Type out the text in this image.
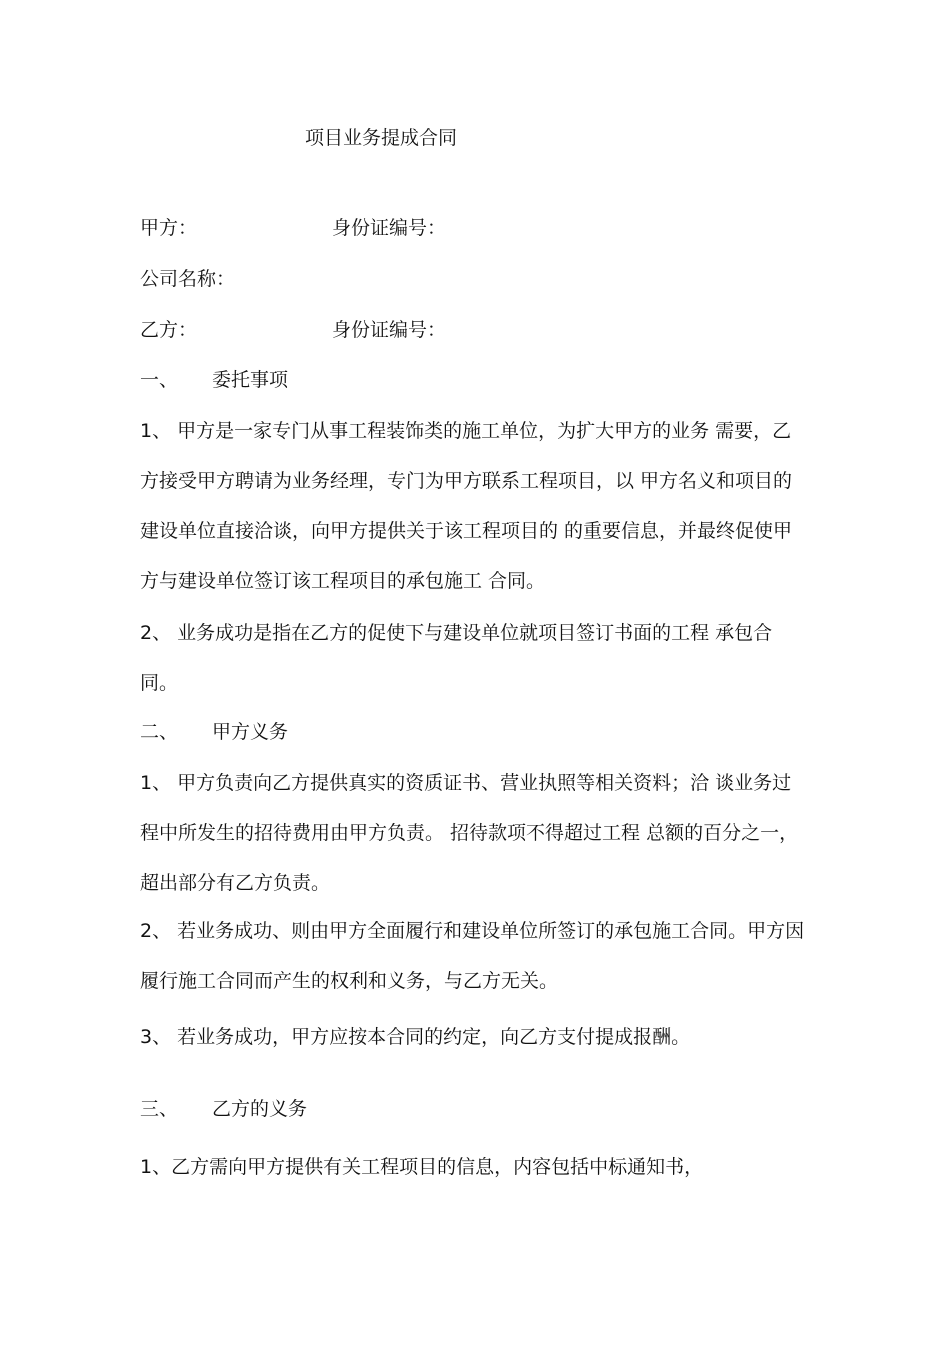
项目业务提成合同
甲方：	身份证编号：
公司名称：
乙方：	身份证编号：
一、 委托事项
1、 甲方是一家专门从事工程装饰类的施工单位，为扩大甲方的业务 需要，乙方接受甲方聘请为业务经理，专门为甲方联系工程项目，以 甲方名义和项目的建设单位直接洽谈，向甲方提供关于该工程项目的 的重要信息，并最终促使甲方与建设单位签订该工程项目的承包施工 合同。
2、 业务成功是指在乙方的促使下与建设单位就项目签订书面的工程 承包合同。
二、 甲方义务
1、 甲方负责向乙方提供真实的资质证书、营业执照等相关资料；洽 谈业务过程中所发生的招待费用由甲方负责。 招待款项不得超过工程 总额的百分之一，超出部分有乙方负责。
2、 若业务成功、则由甲方全面履行和建设单位所签订的承包施工合同。甲方因履行施工合同而产生的权利和义务，与乙方无关。
3、 若业务成功，甲方应按本合同的约定，向乙方支付提成报酬。
三、 乙方的义务
1、乙方需向甲方提供有关工程项目的信息，内容包括中标通知书，
